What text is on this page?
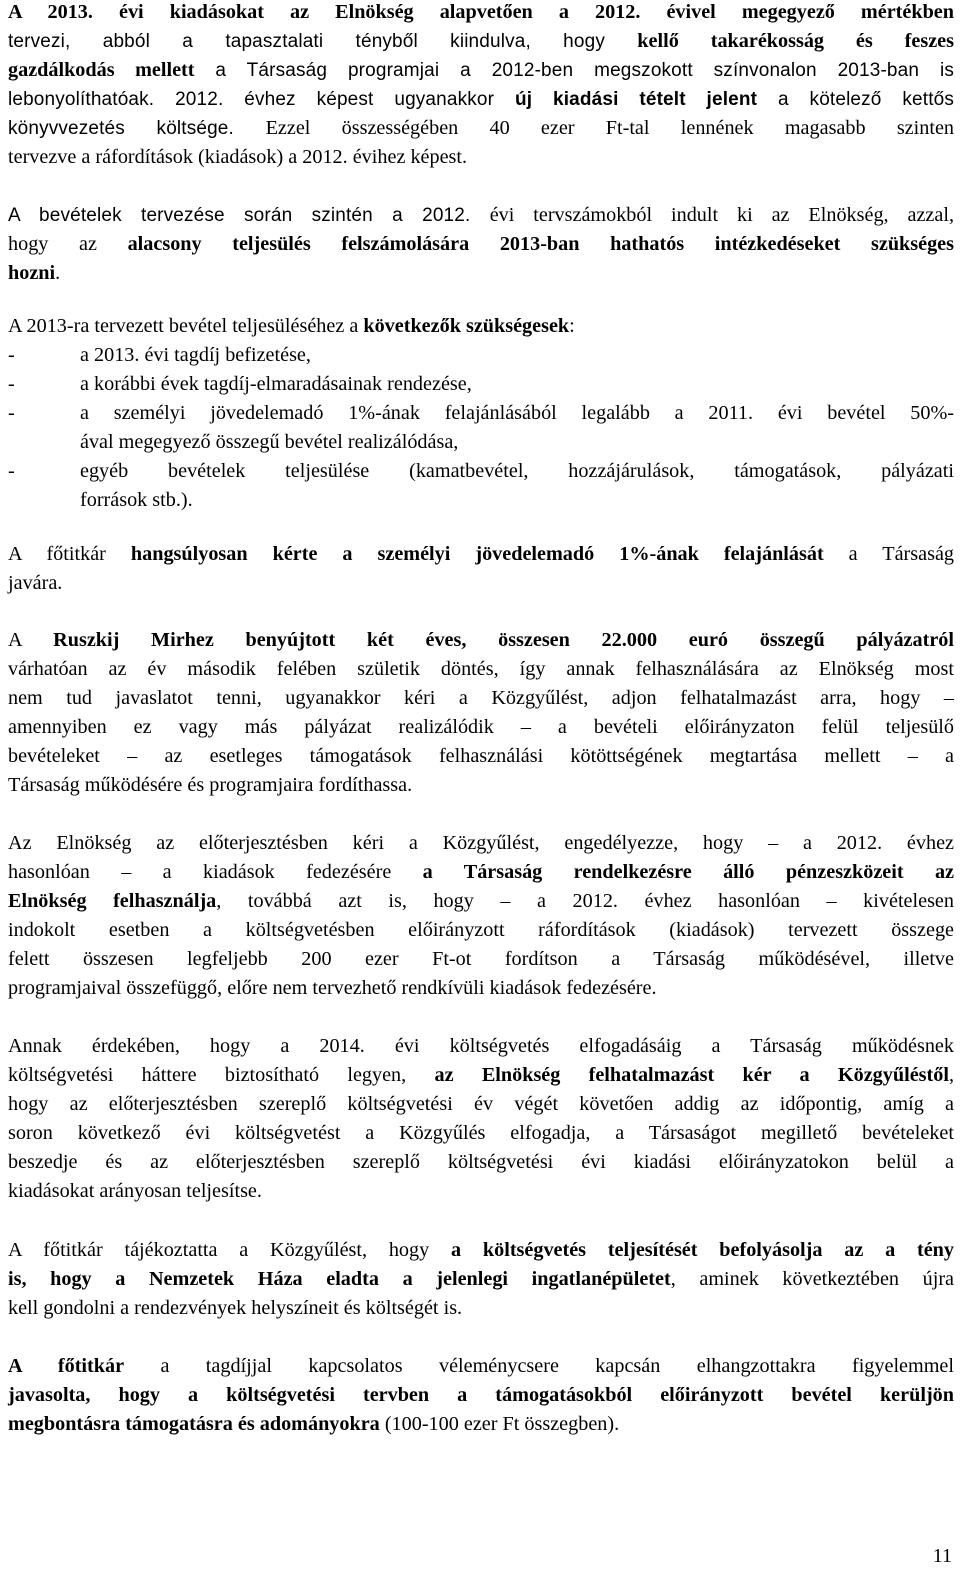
A 2013. évi kiadásokat az Elnökség alapvetően a 2012. évivel megegyező mértékben
tervezi, abból a tapasztalati tényből kiindulva, hogy kellő takarékosság és feszes
gazdálkodás mellett a Társaság programjai a 2012-ben megszokott színvonalon 2013-ban is
lebonyolíthatóak. 2012. évhez képest ugyanakkor új kiadási tételt jelent a kötelező kettős
könyvvezetés költsége. Ezzel összességében 40 ezer Ft-tal lennének magasabb szinten
tervezve a ráfordítások (kiadások) a 2012. évihez képest.
A bevételek tervezése során szintén a 2012. évi tervszámokból indult ki az Elnökség, azzal,
hogy az alacsony teljesülés felszámolására 2013-ban hathatós intézkedéseket szükséges
hozni.
A 2013-ra tervezett bevétel teljesüléséhez a következők szükségesek:
-	a 2013. évi tagdíj befizetése,
-	a korábbi évek tagdíj-elmaradásainak rendezése,
-	a személyi jövedelemadó 1%-ának felajánlásából legalább a 2011. évi bevétel 50%-
ával megegyező összegű bevétel realizálódása,
-	egyéb bevételek teljesülése (kamatbevétel, hozzájárulások, támogatások, pályázati
források stb.).
A főtitkár hangsúlyosan kérte a személyi jövedelemadó 1%-ának felajánlását a Társaság
javára.
A Ruszkij Mirhez benyújtott két éves, összesen 22.000 euró összegű pályázatról
várhatóan az év második felében születik döntés, így annak felhasználására az Elnökség most
nem tud javaslatot tenni, ugyanakkor kéri a Közgyűlést, adjon felhatalmazást arra, hogy –
amennyiben ez vagy más pályázat realizálódik – a bevételi előirányzaton felül teljesülő
bevételeket – az esetleges támogatások felhasználási kötöttségének megtartása mellett – a
Társaság működésére és programjaira fordíthassa.
Az Elnökség az előterjesztésben kéri a Közgyűlést, engedélyezze, hogy – a 2012. évhez
hasonlóan – a kiadások fedezésére a Társaság rendelkezésre álló pénzeszközeit az
Elnökség felhasználja, továbbá azt is, hogy – a 2012. évhez hasonlóan – kivételesen
indokolt esetben a költségvetésben előirányzott ráfordítások (kiadások) tervezett összege
felett összesen legfeljebb 200 ezer Ft-ot fordítson a Társaság működésével, illetve
programjaival összefüggő, előre nem tervezhető rendkívüli kiadások fedezésére.
Annak érdekében, hogy a 2014. évi költségvetés elfogadásáig a Társaság működésnek
költségvetési háttere biztosítható legyen, az Elnökség felhatalmazást kér a Közgyűléstől,
hogy az előterjesztésben szereplő költségvetési év végét követően addig az időpontig, amíg a
soron következő évi költségvetést a Közgyűlés elfogadja, a Társaságot megillető bevételeket
beszedje és az előterjesztésben szereplő költségvetési évi kiadási előirányzatokon belül a
kiadásokat arányosan teljesítse.
A főtitkár tájékoztatta a Közgyűlést, hogy a költségvetés teljesítését befolyásolja az a tény
is, hogy a Nemzetek Háza eladta a jelenlegi ingatlanépületet, aminek következtében újra
kell gondolni a rendezvények helyszíneit és költségét is.
A főtitkár a tagdíjjal kapcsolatos véleménycsere kapcsán elhangzottakra figyelemmel
javasolta, hogy a költségvetési tervben a támogatásokból előirányzott bevétel kerüljön
megbontásra támogatásra és adományokra (100-100 ezer Ft összegben).
11
